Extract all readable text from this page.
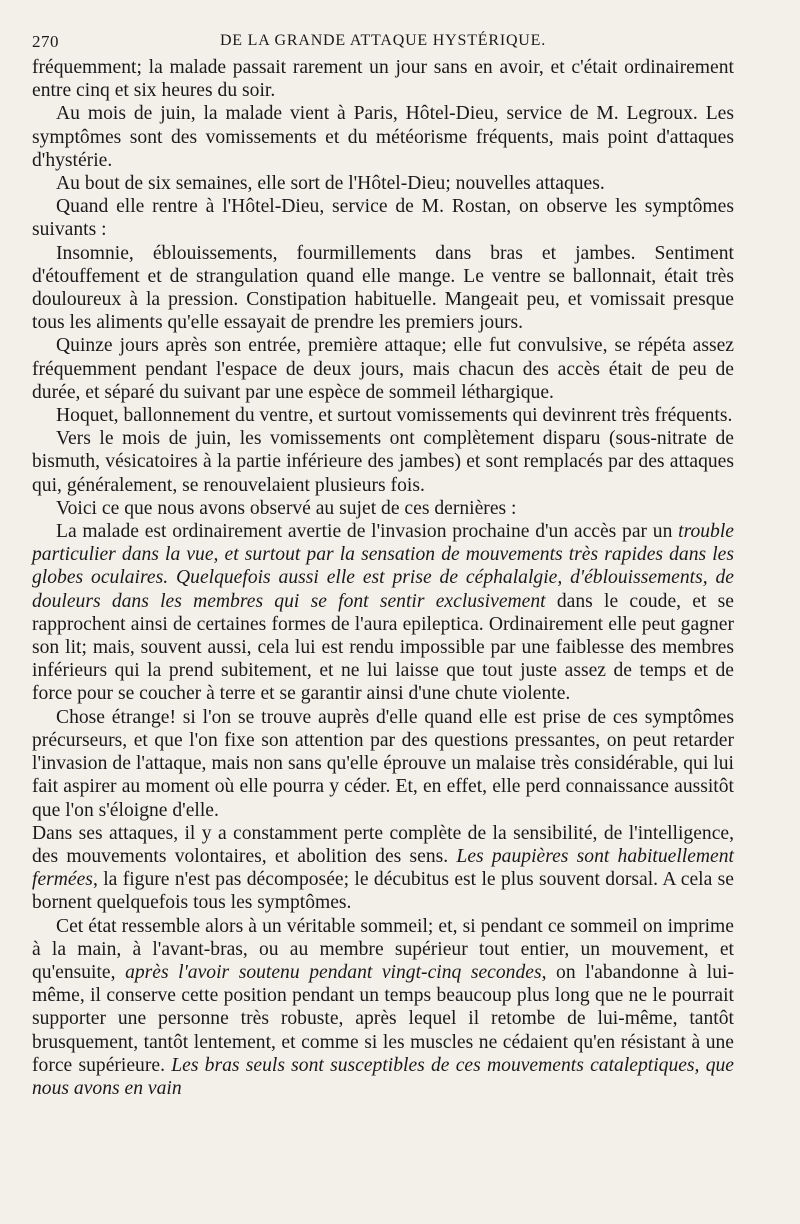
270	DE LA GRANDE ATTAQUE HYSTÉRIQUE.

fréquemment; la malade passait rarement un jour sans en avoir, et c'était ordinairement entre cinq et six heures du soir.

Au mois de juin, la malade vient à Paris, Hôtel-Dieu, service de M. Legroux. Les symptômes sont des vomissements et du météorisme fréquents, mais point d'attaques d'hystérie.

Au bout de six semaines, elle sort de l'Hôtel-Dieu; nouvelles attaques.

Quand elle rentre à l'Hôtel-Dieu, service de M. Rostan, on observe les symptômes suivants :

Insomnie, éblouissements, fourmillements dans bras et jambes. Sentiment d'étouffement et de strangulation quand elle mange. Le ventre se ballonnait, était très douloureux à la pression. Constipation habituelle. Mangeait peu, et vomissait presque tous les aliments qu'elle essayait de prendre les premiers jours.

Quinze jours après son entrée, première attaque; elle fut convulsive, se répéta assez fréquemment pendant l'espace de deux jours, mais chacun des accès était de peu de durée, et séparé du suivant par une espèce de sommeil léthargique.

Hoquet, ballonnement du ventre, et surtout vomissements qui devinrent très fréquents.

Vers le mois de juin, les vomissements ont complètement disparu (sous-nitrate de bismuth, vésicatoires à la partie inférieure des jambes) et sont remplacés par des attaques qui, généralement, se renouvelaient plusieurs fois.

Voici ce que nous avons observé au sujet de ces dernières :

La malade est ordinairement avertie de l'invasion prochaine d'un accès par un trouble particulier dans la vue, et surtout par la sensation de mouvements très rapides dans les globes oculaires. Quelquefois aussi elle est prise de céphalalgie, d'éblouissements, de douleurs dans les membres qui se font sentir exclusivement dans le coude, et se rapprochent ainsi de certaines formes de l'aura epileptica. Ordinairement elle peut gagner son lit; mais, souvent aussi, cela lui est rendu impossible par une faiblesse des membres inférieurs qui la prend subitement, et ne lui laisse que tout juste assez de temps et de force pour se coucher à terre et se garantir ainsi d'une chute violente.

Chose étrange! si l'on se trouve auprès d'elle quand elle est prise de ces symptômes précurseurs, et que l'on fixe son attention par des questions pressantes, on peut retarder l'invasion de l'attaque, mais non sans qu'elle éprouve un malaise très considérable, qui lui fait aspirer au moment où elle pourra y céder. Et, en effet, elle perd connaissance aussitôt que l'on s'éloigne d'elle.

Dans ses attaques, il y a constamment perte complète de la sensibilité, de l'intelligence, des mouvements volontaires, et abolition des sens. Les paupières sont habituellement fermées, la figure n'est pas décomposée; le décubitus est le plus souvent dorsal. A cela se bornent quelquefois tous les symptômes.

Cet état ressemble alors à un véritable sommeil; et, si pendant ce sommeil on imprime à la main, à l'avant-bras, ou au membre supérieur tout entier, un mouvement, et qu'ensuite, après l'avoir soutenu pendant vingt-cinq secondes, on l'abandonne à lui-même, il conserve cette position pendant un temps beaucoup plus long que ne le pourrait supporter une personne très robuste, après lequel il retombe de lui-même, tantôt brusquement, tantôt lentement, et comme si les muscles ne cédaient qu'en résistant à une force supérieure. Les bras seuls sont susceptibles de ces mouvements cataleptiques, que nous avons en vain
